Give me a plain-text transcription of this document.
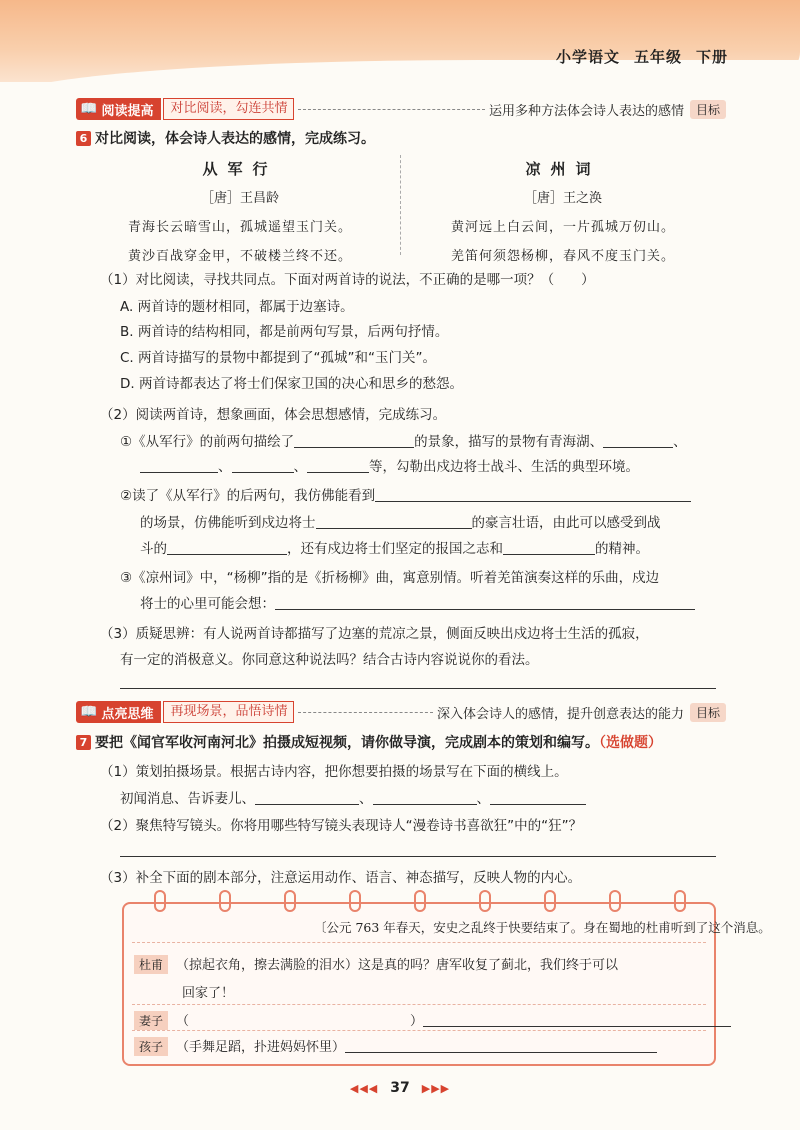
小学语文 五年级 下册
📖 阅读提高	对比阅读，勾连共情	运用多种方法体会诗人表达的感情	目标
6 对比阅读，体会诗人表达的感情，完成练习。
从军行
［唐］王昌龄
青海长云暗雪山，孤城遥望玉门关。
黄沙百战穿金甲，不破楼兰终不还。
凉州词
［唐］王之涣
黄河远上白云间，一片孤城万仞山。
羌笛何须怨杨柳，春风不度玉门关。
（1）对比阅读，寻找共同点。下面对两首诗的说法，不正确的是哪一项？（　　）
A. 两首诗的题材相同，都属于边塞诗。
B. 两首诗的结构相同，都是前两句写景，后两句抒情。
C. 两首诗描写的景物中都提到了“孤城”和“玉门关”。
D. 两首诗都表达了将士们保家卫国的决心和思乡的愁怨。
（2）阅读两首诗，想象画面，体会思想感情，完成练习。
①《从军行》的前两句描绘了	的景象，描写的景物有青海湖、	、
、	、	等，勾勒出戍边将士战斗、生活的典型环境。
②读了《从军行》的后两句，我仿佛能看到
的场景，仿佛能听到戍边将士	的豪言壮语，由此可以感受到战
斗的	，还有戍边将士们坚定的报国之志和	的精神。
③《凉州词》中，“杨柳”指的是《折杨柳》曲，寓意别情。听着羌笛演奏这样的乐曲，戍边
将士的心里可能会想：
（3）质疑思辨：有人说两首诗都描写了边塞的荒凉之景，侧面反映出戍边将士生活的孤寂，
有一定的消极意义。你同意这种说法吗？结合古诗内容说说你的看法。
📖 点亮思维	再现场景，品悟诗情	深入体会诗人的感情，提升创意表达的能力	目标
7 要把《闻官军收河南河北》拍摄成短视频，请你做导演，完成剧本的策划和编写。（选做题）
（1）策划拍摄场景。根据古诗内容，把你想要拍摄的场景写在下面的横线上。
初闻消息、告诉妻儿、	、	、
（2）聚焦特写镜头。你将用哪些特写镜头表现诗人“漫卷诗书喜欲狂”中的“狂”？
（3）补全下面的剧本部分，注意运用动作、语言、神态描写，反映人物的内心。
〔公元 763 年春天，安史之乱终于快要结束了。身在蜀地的杜甫听到了这个消息。
杜甫 （掠起衣角，擦去满脸的泪水）这是真的吗？唐军收复了蓟北，我们终于可以
回家了！
妻子 （　　　　　　　　　　　　　　　　　）
孩子 （手舞足蹈，扑进妈妈怀里）
◀◀◀ 37 ▶▶▶
